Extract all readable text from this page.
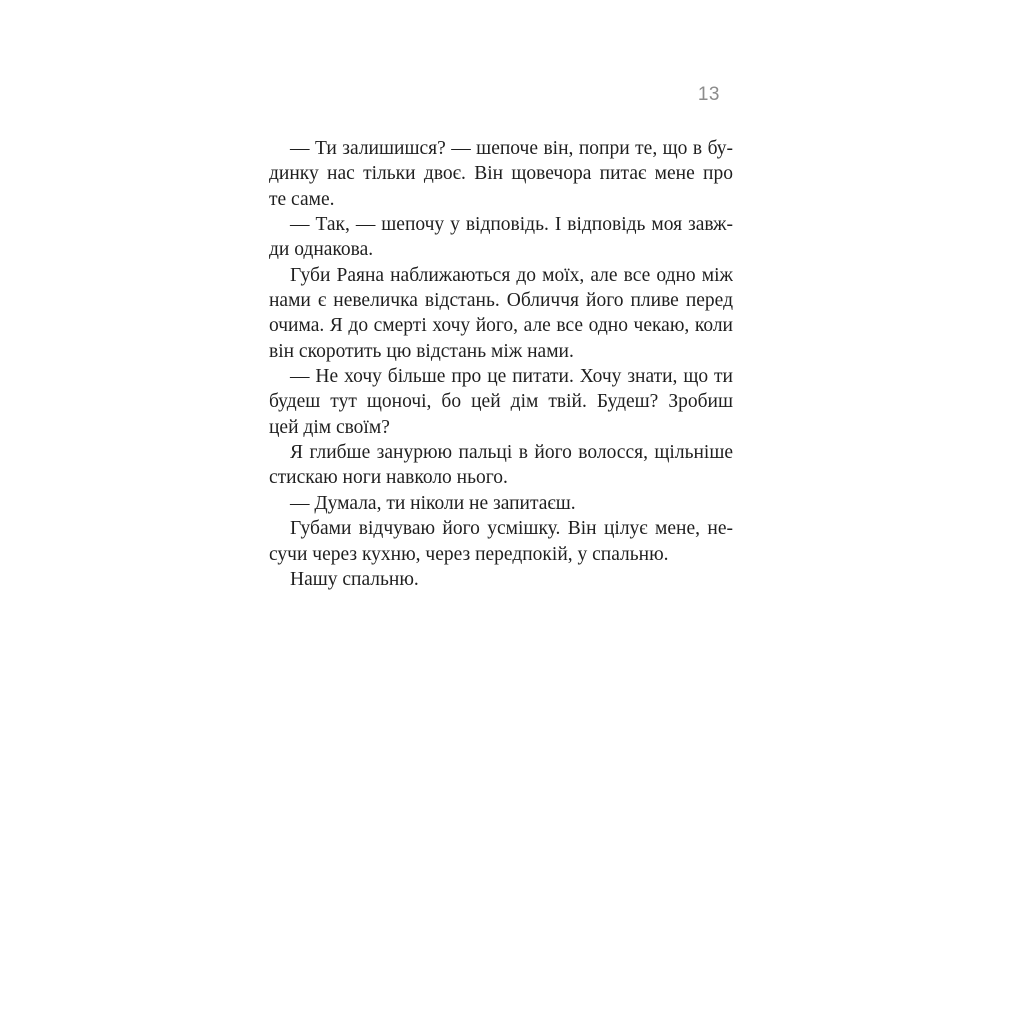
13
— Ти залишишся? — шепоче він, попри те, що в бу-
динку нас тільки двоє. Він щовечора питає мене про
те саме.
— Так, — шепочу у відповідь. І відповідь моя завж-
ди однакова.
Губи Раяна наближаються до моїх, але все одно між
нами є невеличка відстань. Обличчя його пливе перед
очима. Я до смерті хочу його, але все одно чекаю, коли
він скоротить цю відстань між нами.
— Не хочу більше про це питати. Хочу знати, що ти
будеш тут щоночі, бо цей дім твій. Будеш? Зробиш
цей дім своїм?
Я глибше занурюю пальці в його волосся, щільніше
стискаю ноги навколо нього.
— Думала, ти ніколи не запитаєш.
Губами відчуваю його усмішку. Він цілує мене, не-
сучи через кухню, через передпокій, у спальню.
Нашу спальню.
